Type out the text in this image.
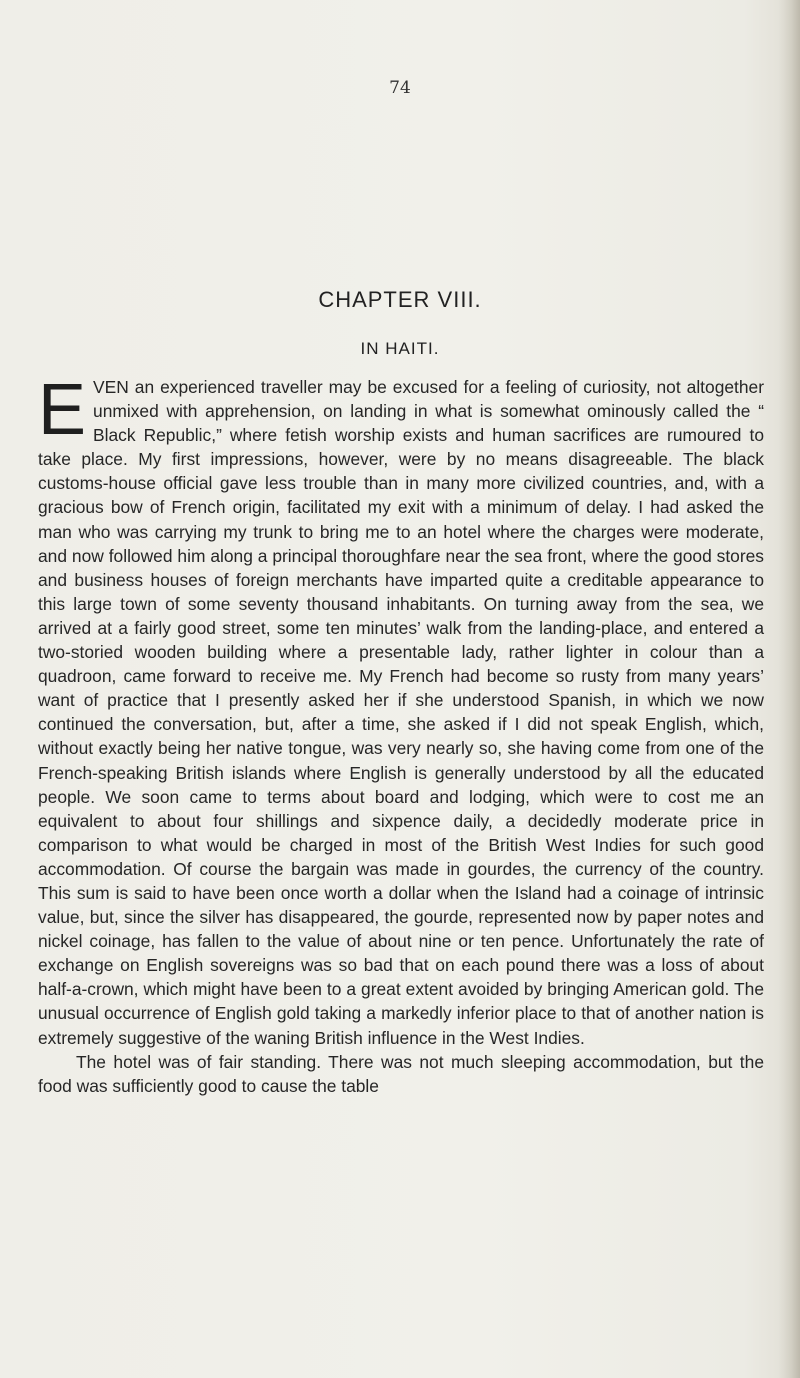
74
CHAPTER VIII.
IN HAITI.

EVEN an experienced traveller may be excused for a feeling of curiosity, not altogether unmixed with apprehension, on landing in what is somewhat ominously called the “ Black Republic,” where fetish worship exists and human sacrifices are rumoured to take place. My first impressions, however, were by no means disagreeable. The black customs-house official gave less trouble than in many more civilized countries, and, with a gracious bow of French origin, facilitated my exit with a minimum of delay. I had asked the man who was carrying my trunk to bring me to an hotel where the charges were moderate, and now followed him along a principal thoroughfare near the sea front, where the good stores and business houses of foreign merchants have imparted quite a creditable appearance to this large town of some seventy thousand inhabitants. On turning away from the sea, we arrived at a fairly good street, some ten minutes’ walk from the landing-place, and entered a two-storied wooden building where a presentable lady, rather lighter in colour than a quadroon, came forward to receive me. My French had become so rusty from many years’ want of practice that I presently asked her if she understood Spanish, in which we now continued the conversation, but, after a time, she asked if I did not speak English, which, without exactly being her native tongue, was very nearly so, she having come from one of the French-speaking British islands where English is generally understood by all the educated people. We soon came to terms about board and lodging, which were to cost me an equivalent to about four shillings and sixpence daily, a decidedly moderate price in comparison to what would be charged in most of the British West Indies for such good accommodation. Of course the bargain was made in gourdes, the currency of the country. This sum is said to have been once worth a dollar when the Island had a coinage of intrinsic value, but, since the silver has disappeared, the gourde, represented now by paper notes and nickel coinage, has fallen to the value of about nine or ten pence. Unfortunately the rate of exchange on English sovereigns was so bad that on each pound there was a loss of about half-a-crown, which might have been to a great extent avoided by bringing American gold. The unusual occurrence of English gold taking a markedly inferior place to that of another nation is extremely suggestive of the waning British influence in the West Indies.

The hotel was of fair standing. There was not much sleeping accommodation, but the food was sufficiently good to cause the table
